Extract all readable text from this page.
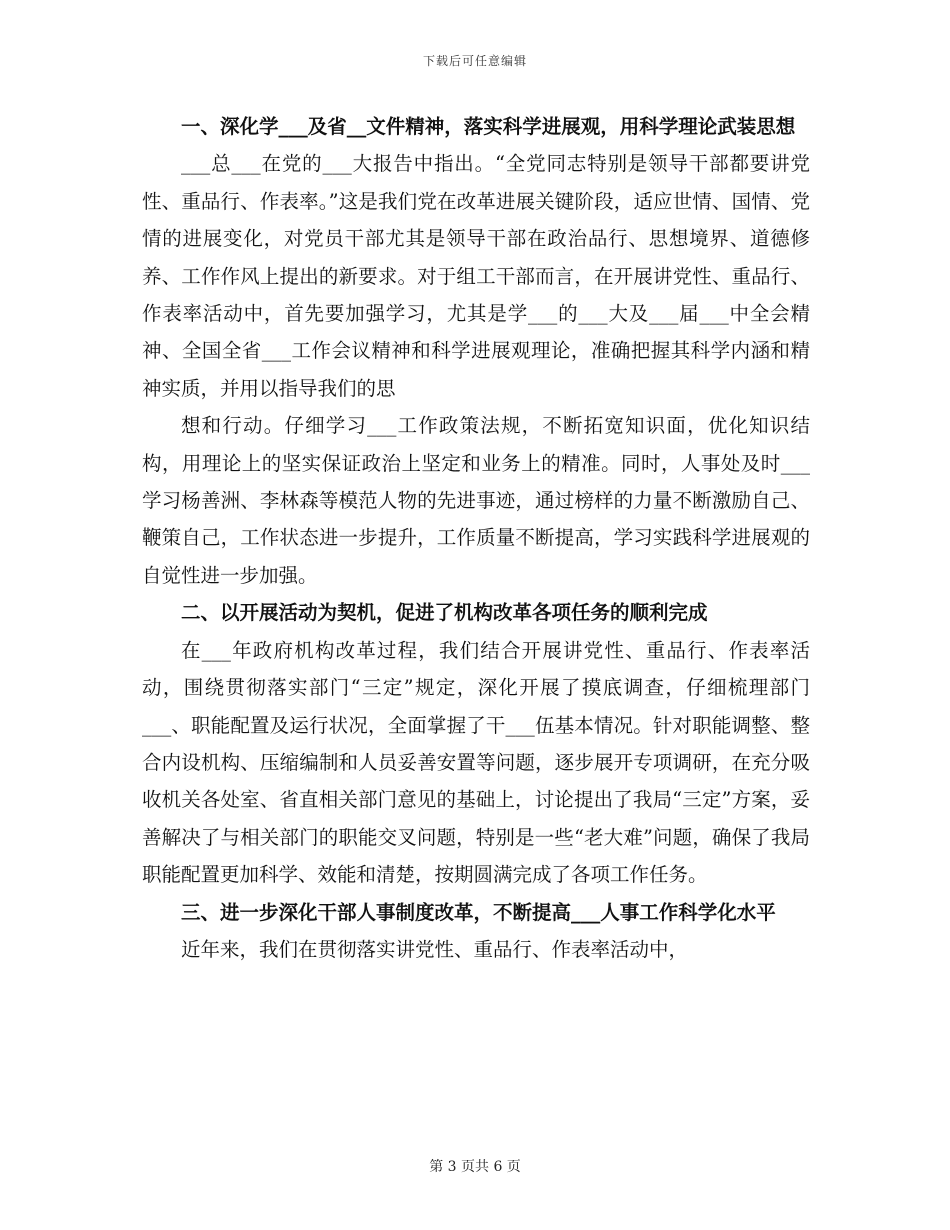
下载后可任意编辑

一、深化学___及省__文件精神，落实科学进展观，用科学理论武装思想

___总___在党的___大报告中指出。“全党同志特别是领导干部都要讲党性、重品行、作表率。”这是我们党在改革进展关键阶段，适应世情、国情、党情的进展变化，对党员干部尤其是领导干部在政治品行、思想境界、道德修养、工作作风上提出的新要求。对于组工干部而言，在开展讲党性、重品行、作表率活动中，首先要加强学习，尤其是学___的___大及___届___中全会精神、全国全省___工作会议精神和科学进展观理论，准确把握其科学内涵和精神实质，并用以指导我们的思

想和行动。仔细学习___工作政策法规，不断拓宽知识面，优化知识结构，用理论上的坚实保证政治上坚定和业务上的精准。同时，人事处及时___学习杨善洲、李林森等模范人物的先进事迹，通过榜样的力量不断激励自己、鞭策自己，工作状态进一步提升，工作质量不断提高，学习实践科学进展观的自觉性进一步加强。

二、以开展活动为契机，促进了机构改革各项任务的顺利完成

在___年政府机构改革过程，我们结合开展讲党性、重品行、作表率活动，围绕贯彻落实部门“三定”规定，深化开展了摸底调查，仔细梳理部门___、职能配置及运行状况，全面掌握了干___伍基本情况。针对职能调整、整合内设机构、压缩编制和人员妥善安置等问题，逐步展开专项调研，在充分吸收机关各处室、省直相关部门意见的基础上，讨论提出了我局“三定”方案，妥善解决了与相关部门的职能交叉问题，特别是一些“老大难”问题，确保了我局职能配置更加科学、效能和清楚，按期圆满完成了各项工作任务。

三、进一步深化干部人事制度改革，不断提高___人事工作科学化水平

近年来，我们在贯彻落实讲党性、重品行、作表率活动中，

第 3 页共 6 页
